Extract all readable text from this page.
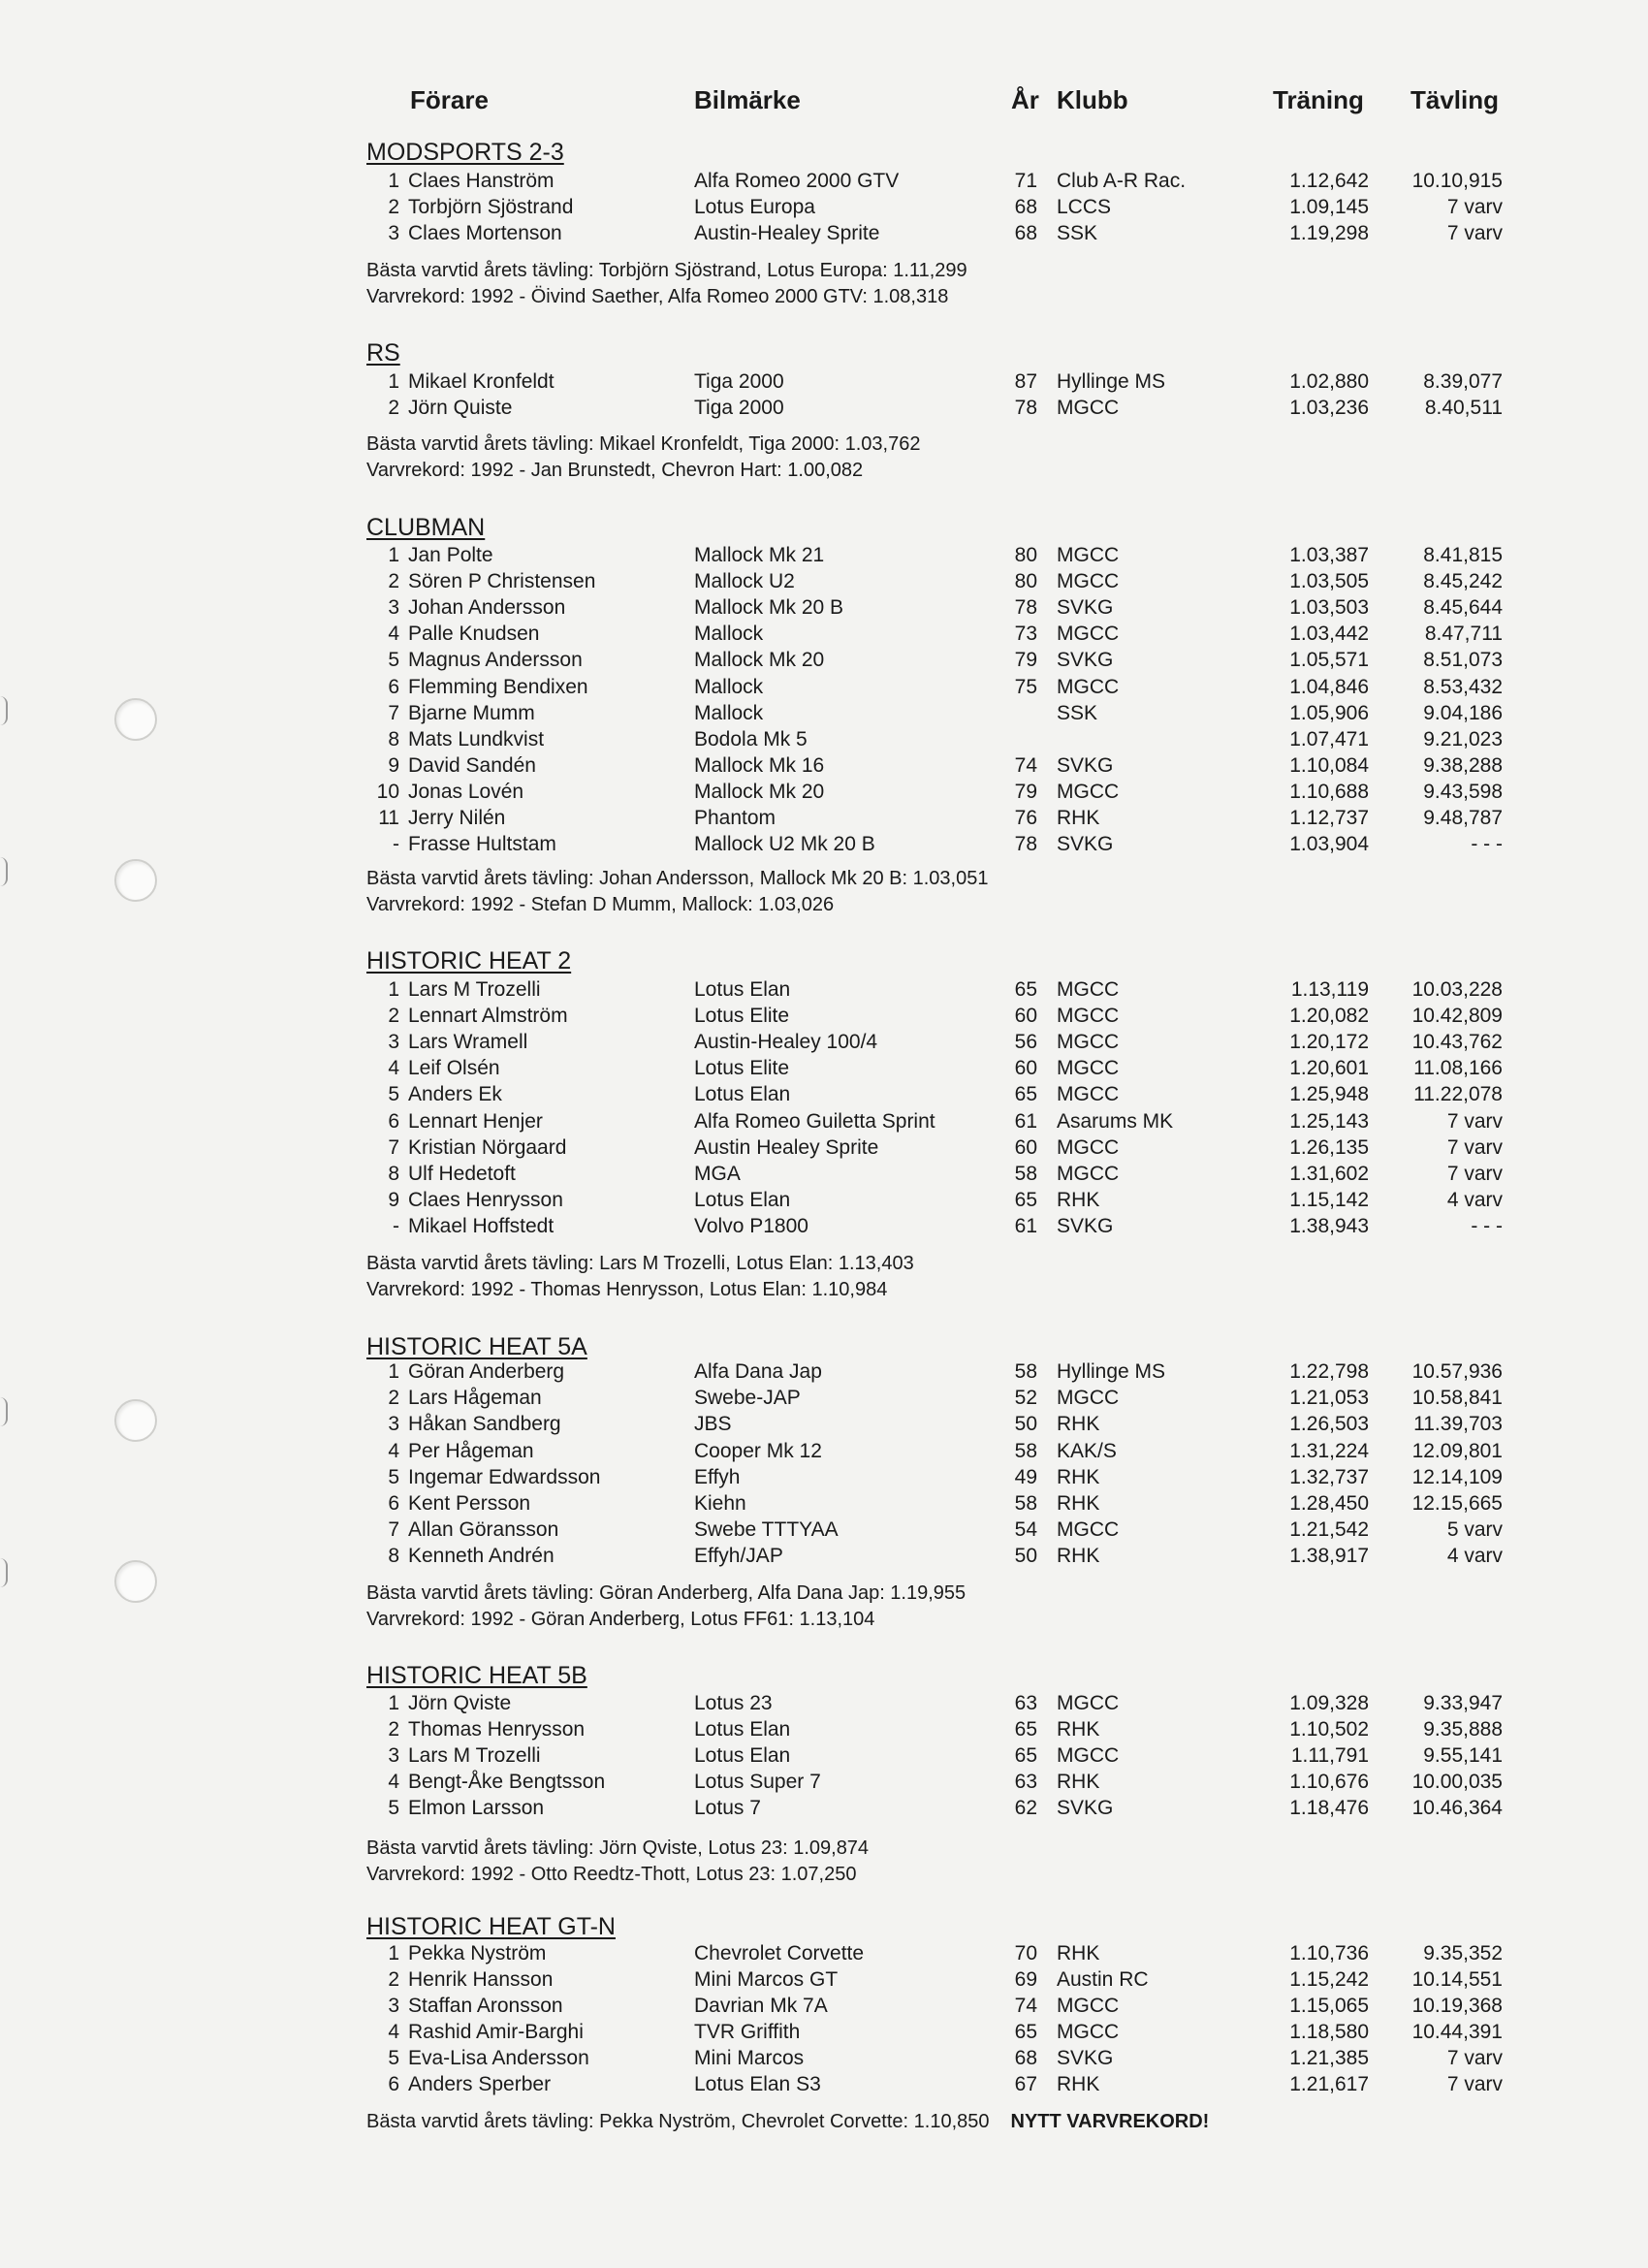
Förare	Bilmärke	År Klubb	Träning Tävling
MODSPORTS 2-3
1 Claes Hanström	Alfa Romeo 2000 GTV	71 Club A-R Rac.	1.12,642	10.10,915
2 Torbjörn Sjöstrand	Lotus Europa	68 LCCS	1.09,145	7 varv
3 Claes Mortenson	Austin-Healey Sprite	68 SSK	1.19,298	7 varv
Bästa varvtid årets tävling: Torbjörn Sjöstrand, Lotus Europa: 1.11,299
Varvrekord: 1992 - Öivind Saether, Alfa Romeo 2000 GTV: 1.08,318
RS
1 Mikael Kronfeldt	Tiga 2000	87 Hyllinge MS	1.02,880	8.39,077
2 Jörn Quiste	Tiga 2000	78 MGCC	1.03,236	8.40,511
Bästa varvtid årets tävling: Mikael Kronfeldt, Tiga 2000: 1.03,762
Varvrekord: 1992 - Jan Brunstedt, Chevron Hart: 1.00,082
CLUBMAN
1 Jan Polte	Mallock Mk 21	80 MGCC	1.03,387	8.41,815
2 Sören P Christensen	Mallock U2	80 MGCC	1.03,505	8.45,242
3 Johan Andersson	Mallock Mk 20 B	78 SVKG	1.03,503	8.45,644
4 Palle Knudsen	Mallock	73 MGCC	1.03,442	8.47,711
5 Magnus Andersson	Mallock Mk 20	79 SVKG	1.05,571	8.51,073
6 Flemming Bendixen	Mallock	75 MGCC	1.04,846	8.53,432
7 Bjarne Mumm	Mallock	SSK	1.05,906	9.04,186
8 Mats Lundkvist	Bodola Mk 5	1.07,471	9.21,023
9 David Sandén	Mallock Mk 16	74 SVKG	1.10,084	9.38,288
10 Jonas Lovén	Mallock Mk 20	79 MGCC	1.10,688	9.43,598
11 Jerry Nilén	Phantom	76 RHK	1.12,737	9.48,787
- Frasse Hultstam	Mallock U2 Mk 20 B	78 SVKG	1.03,904	- - -
Bästa varvtid årets tävling: Johan Andersson, Mallock Mk 20 B: 1.03,051
Varvrekord: 1992 - Stefan D Mumm, Mallock: 1.03,026
HISTORIC HEAT 2
1 Lars M Trozelli	Lotus Elan	65 MGCC	1.13,119	10.03,228
2 Lennart Almström	Lotus Elite	60 MGCC	1.20,082	10.42,809
3 Lars Wramell	Austin-Healey 100/4	56 MGCC	1.20,172	10.43,762
4 Leif Olsén	Lotus Elite	60 MGCC	1.20,601	11.08,166
5 Anders Ek	Lotus Elan	65 MGCC	1.25,948	11.22,078
6 Lennart Henjer	Alfa Romeo Guiletta Sprint	61 Asarums MK	1.25,143	7 varv
7 Kristian Nörgaard	Austin Healey Sprite	60 MGCC	1.26,135	7 varv
8 Ulf Hedetoft	MGA	58 MGCC	1.31,602	7 varv
9 Claes Henrysson	Lotus Elan	65 RHK	1.15,142	4 varv
- Mikael Hoffstedt	Volvo P1800	61 SVKG	1.38,943	- - -
Bästa varvtid årets tävling: Lars M Trozelli, Lotus Elan: 1.13,403
Varvrekord: 1992 - Thomas Henrysson, Lotus Elan: 1.10,984
HISTORIC HEAT 5A
1 Göran Anderberg	Alfa Dana Jap	58 Hyllinge MS	1.22,798	10.57,936
2 Lars Hågeman	Swebe-JAP	52 MGCC	1.21,053	10.58,841
3 Håkan Sandberg	JBS	50 RHK	1.26,503	11.39,703
4 Per Hågeman	Cooper Mk 12	58 KAK/S	1.31,224	12.09,801
5 Ingemar Edwardsson	Effyh	49 RHK	1.32,737	12.14,109
6 Kent Persson	Kiehn	58 RHK	1.28,450	12.15,665
7 Allan Göransson	Swebe TTTYAA	54 MGCC	1.21,542	5 varv
8 Kenneth Andrén	Effyh/JAP	50 RHK	1.38,917	4 varv
Bästa varvtid årets tävling: Göran Anderberg, Alfa Dana Jap: 1.19,955
Varvrekord: 1992 - Göran Anderberg, Lotus FF61: 1.13,104
HISTORIC HEAT 5B
1 Jörn Qviste	Lotus 23	63 MGCC	1.09,328	9.33,947
2 Thomas Henrysson	Lotus Elan	65 RHK	1.10,502	9.35,888
3 Lars M Trozelli	Lotus Elan	65 MGCC	1.11,791	9.55,141
4 Bengt-Åke Bengtsson	Lotus Super 7	63 RHK	1.10,676	10.00,035
5 Elmon Larsson	Lotus 7	62 SVKG	1.18,476	10.46,364
Bästa varvtid årets tävling: Jörn Qviste, Lotus 23: 1.09,874
Varvrekord: 1992 - Otto Reedtz-Thott, Lotus 23: 1.07,250
HISTORIC HEAT GT-N
1 Pekka Nyström	Chevrolet Corvette	70 RHK	1.10,736	9.35,352
2 Henrik Hansson	Mini Marcos GT	69 Austin RC	1.15,242	10.14,551
3 Staffan Aronsson	Davrian Mk 7A	74 MGCC	1.15,065	10.19,368
4 Rashid Amir-Barghi	TVR Griffith	65 MGCC	1.18,580	10.44,391
5 Eva-Lisa Andersson	Mini Marcos	68 SVKG	1.21,385	7 varv
6 Anders Sperber	Lotus Elan S3	67 RHK	1.21,617	7 varv
Bästa varvtid årets tävling: Pekka Nyström, Chevrolet Corvette: 1.10,850 NYTT VARVREKORD!
